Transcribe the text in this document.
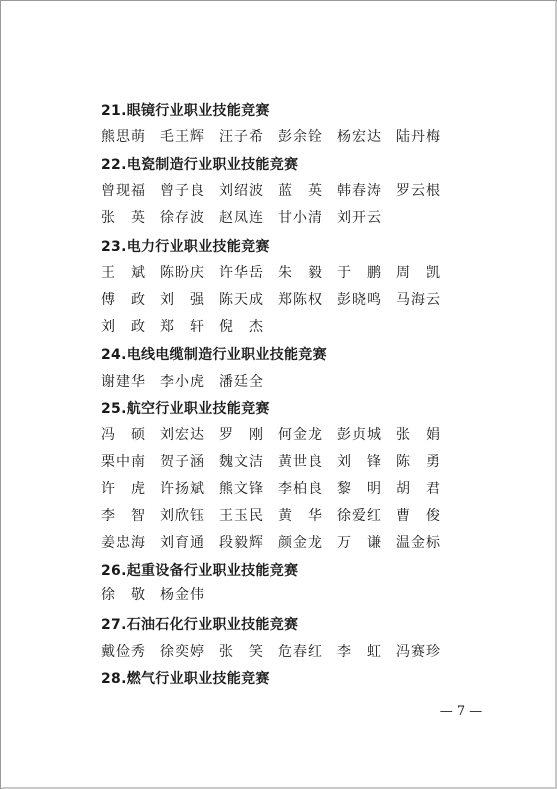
21.眼镜行业职业技能竞赛
熊思萌 毛王辉 汪子希 彭余铨 杨宏达 陆丹梅
22.电瓷制造行业职业技能竞赛
曾现福 曾子良 刘绍波 蓝　英 韩春涛 罗云根
张　英 徐存波 赵凤连 甘小清 刘开云
23.电力行业职业技能竞赛
王　斌 陈盼庆 许华岳 朱　毅 于　鹏 周　凯
傅　政 刘　强 陈天成 郑陈权 彭晓鸣 马海云
刘　政 郑　轩 倪　杰
24.电线电缆制造行业职业技能竞赛
谢建华 李小虎 潘廷全
25.航空行业职业技能竞赛
冯　硕 刘宏达 罗　刚 何金龙 彭贞城 张　娟
栗中南 贺子涵 魏文洁 黄世良 刘　锋 陈　勇
许　虎 许扬斌 熊文锋 李柏良 黎　明 胡　君
李　智 刘欣钰 王玉民 黄　华 徐爱红 曹　俊
姜忠海 刘育通 段毅辉 颜金龙 万　谦 温金标
26.起重设备行业职业技能竞赛
徐　敬 杨金伟
27.石油石化行业职业技能竞赛
戴俭秀 徐奕婷 张　笑 危春红 李　虹 冯赛珍
28.燃气行业职业技能竞赛
— 7 —
